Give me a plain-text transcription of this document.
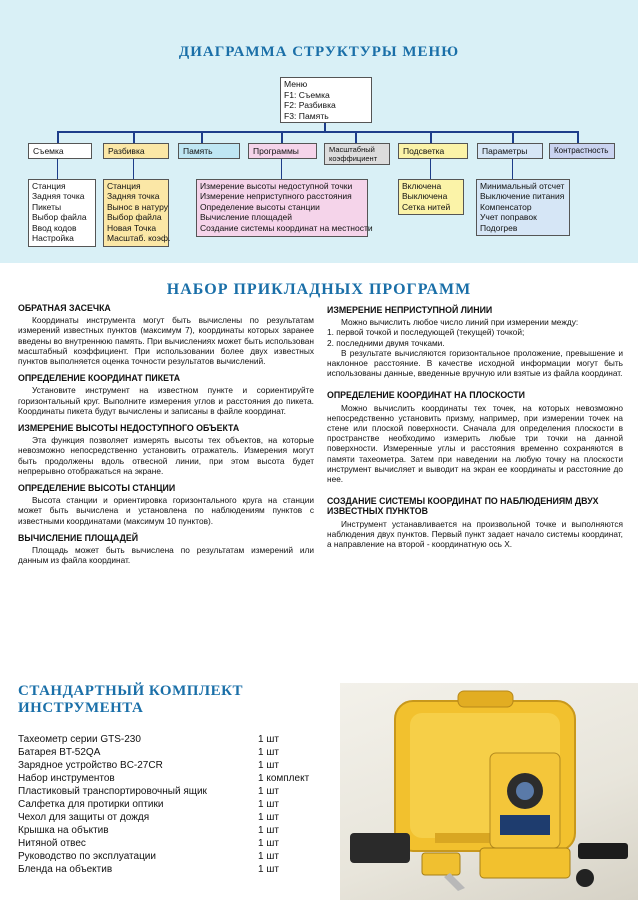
ДИАГРАММА СТРУКТУРЫ МЕНЮ
Меню
F1: Съемка
F2: Разбивка
F3: Память
Съемка	Разбивка	Память	Программы	Масштабный коэффициент
Подсветка	Параметры	Контрастность
Станция
Задняя точка
Пикеты
Выбор файла
Ввод кодов
Настройка
Станция
Задняя точка
Вынос в натуру
Выбор файла
Новая Точка
Масштаб. коэф.
Измерение высоты недоступной точки
Измерение неприступного расстояния
Определение высоты станции
Вычисление площадей
Создание системы координат на местности
Включена
Выключена
Сетка нитей
Минимальный отсчет
Выключение питания
Компенсатор
Учет поправок
Подогрев
НАБОР ПРИКЛАДНЫХ ПРОГРАММ
ОБРАТНАЯ ЗАСЕЧКА

Координаты инструмента могут быть вычислены по результатам измерений известных пунктов (максимум 7), координаты которых заранее введены во внутреннюю память. При вычислениях может быть использован масштабный коэффициент. При использовании более двух известных пунктов выполняется оценка точности результатов вычислений.

ОПРЕДЕЛЕНИЕ КООРДИНАТ ПИКЕТА

Установите инструмент на известном пункте и сориентируйте горизонтальный круг. Выполните измерения углов и расстояния до пикета. Координаты пикета будут вычислены и записаны в файле координат.

ИЗМЕРЕНИЕ ВЫСОТЫ НЕДОСТУПНОГО ОБЪЕКТА

Эта функция позволяет измерять высоты тех объектов, на которые невозможно непосредственно установить отражатель. Измерения могут быть продолжены вдоль отвесной линии, при этом высота будет непрерывно отображаться на экране.

ОПРЕДЕЛЕНИЕ ВЫСОТЫ СТАНЦИИ

Высота станции и ориентировка горизонтального круга на станции может быть вычислена и установлена по наблюдениям пунктов с известными координатами (максимум 10 пунктов).

ВЫЧИСЛЕНИЕ ПЛОЩАДЕЙ

Площадь может быть вычислена по результатам измерений или данным из файла координат.

ИЗМЕРЕНИЕ НЕПРИСТУПНОЙ ЛИНИИ

Можно вычислить любое число линий при измерении между:

1. первой точкой и последующей (текущей) точкой;

2. последними двумя точками.

В результате вычисляются горизонтальное проложение, превышение и наклонное расстояние. В качестве исходной информации могут быть использованы данные, введенные вручную или взятые из файла координат.

ОПРЕДЕЛЕНИЕ КООРДИНАТ НА ПЛОСКОСТИ

Можно вычислить координаты тех точек, на которых невозможно непосредственно установить призму, например, при измерении точек на стене или плоской поверхности. Сначала для определения плоскости в пространстве необходимо измерить любые три точки на данной поверхности. Измеренные углы и расстояния временно сохраняются в памяти тахеометра. Затем при наведении на любую точку на плоскости инструмент вычисляет и выводит на экран ее координаты и расстояние до нее.

СОЗДАНИЕ СИСТЕМЫ КООРДИНАТ ПО НАБЛЮДЕНИЯМ ДВУХ ИЗВЕСТНЫХ ПУНКТОВ

Инструмент устанавливается на произвольной точке и выполняются наблюдения двух пунктов. Первый пункт задает начало системы координат, а направление на второй - координатную ось X.

СТАНДАРТНЫЙ КОМПЛЕКТ
ИНСТРУМЕНТА
Тахеометр серии GTS-230	1 шт
Батарея BT-52QA	1 шт
Зарядное устройство BC-27CR	1 шт
Набор инструментов	1 комплект
Пластиковый транспортировочный ящик	1 шт
Салфетка для протирки оптики	1 шт
Чехол для защиты от дождя	1 шт
Крышка на объктив	1 шт
Нитяной отвес	1 шт
Руководство по эксплуатации	1 шт
Бленда на объектив	1 шт
